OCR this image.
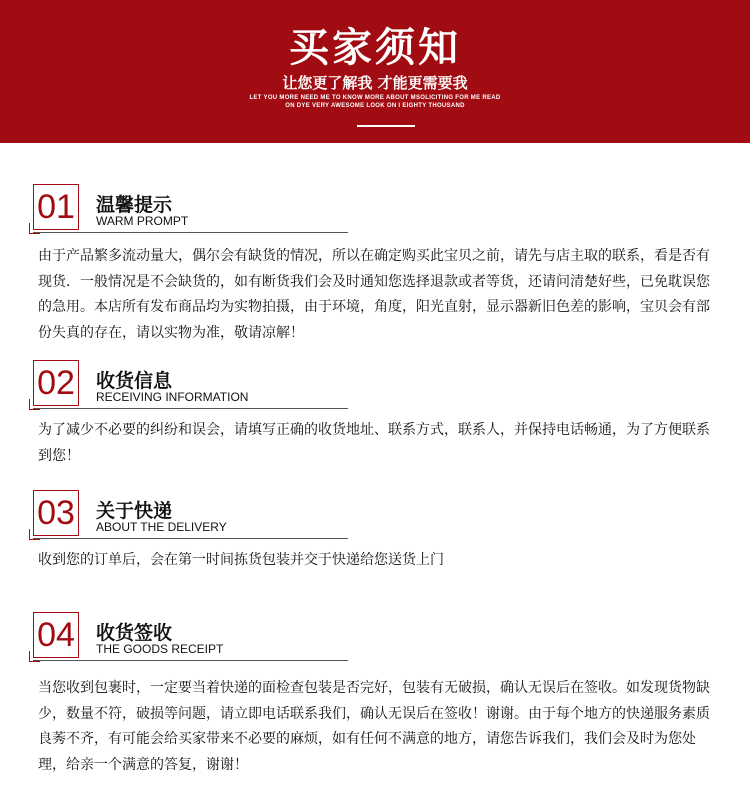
买家须知
让您更了解我 才能更需要我
LET YOU MORE NEED ME TO KNOW MORE ABOUT MSOLICITING FOR ME READ
ON DYE VERY AWESOME LOOK ON I EIGHTY THOUSAND
01 温馨提示
WARM PROMPT
由于产品繁多流动量大，偶尔会有缺货的情况，所以在确定购买此宝贝之前，请先与店主取的联系，看是否有现货．一般情况是不会缺货的，如有断货我们会及时通知您选择退款或者等货，还请问清楚好些，已免耽误您的急用。本店所有发布商品均为实物拍摄，由于环境，角度，阳光直射，显示器新旧色差的影响，宝贝会有部份失真的存在，请以实物为准，敬请凉解！
02 收货信息
RECEIVING INFORMATION
为了减少不必要的纠纷和误会，请填写正确的收货地址、联系方式，联系人，并保持电话畅通，为了方便联系到您！
03 关于快递
ABOUT THE DELIVERY
收到您的订单后，会在第一时间拣货包装并交于快递给您送货上门
04 收货签收
THE GOODS RECEIPT
当您收到包裹时，一定要当着快递的面检查包装是否完好，包装有无破损，确认无误后在签收。如发现货物缺少，数量不符，破损等问题，请立即电话联系我们，确认无误后在签收！谢谢。由于每个地方的快递服务素质良莠不齐，有可能会给买家带来不必要的麻烦，如有任何不满意的地方，请您告诉我们，我们会及时为您处理，给亲一个满意的答复，谢谢！
